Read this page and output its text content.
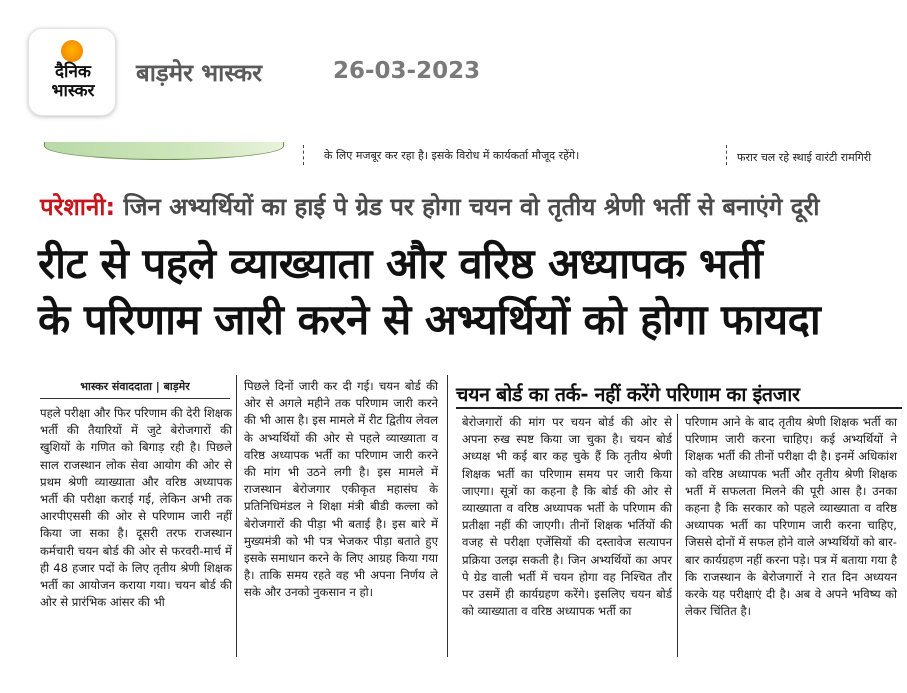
दैनिक
भास्कर
बाड़मेर भास्कर	26-03-2023
के लिए मजबूर कर रहा है। इसके विरोध में कार्यकर्ता मौजूद रहेंगे।	फरार चल रहे स्थाई वारंटी रामगिरी
परेशानी: जिन अभ्यर्थियों का हाई पे ग्रेड पर होगा चयन वो तृतीय श्रेणी भर्ती से बनाएंगे दूरी
रीट से पहले व्याख्याता और वरिष्ठ अध्यापक भर्ती
के परिणाम जारी करने से अभ्यर्थियों को होगा फायदा
भास्कर संवाददाता | बाड़मेर
पहले परीक्षा और फिर परिणाम की देरी शिक्षक भर्ती की तैयारियों में जुटे बेरोजगारों की खुशियों के गणित को बिगाड़ रही है। पिछले साल राजस्थान लोक सेवा आयोग की ओर से प्रथम श्रेणी व्याख्याता और वरिष्ठ अध्यापक भर्ती की परीक्षा कराई गई, लेकिन अभी तक आरपीएससी की ओर से परिणाम जारी नहीं किया जा सका है। दूसरी तरफ राजस्थान कर्मचारी चयन बोर्ड की ओर से फरवरी-मार्च में ही 48 हजार पदों के लिए तृतीय श्रेणी शिक्षक भर्ती का आयोजन कराया गया। चयन बोर्ड की ओर से प्रारंभिक आंसर की भी
पिछले दिनों जारी कर दी गई। चयन बोर्ड की ओर से अगले महीने तक परिणाम जारी करने की भी आस है। इस मामले में रीट द्वितीय लेवल के अभ्यर्थियों की ओर से पहले व्याख्याता व वरिष्ठ अध्यापक भर्ती का परिणाम जारी करने की मांग भी उठने लगी है। इस मामले में राजस्थान बेरोजगार एकीकृत महासंघ के प्रतिनिधिमंडल ने शिक्षा मंत्री बीडी कल्ला को बेरोजगारों की पीड़ा भी बताई है। इस बारे में मुख्यमंत्री को भी पत्र भेजकर पीड़ा बताते हुए इसके समाधान करने के लिए आग्रह किया गया है। ताकि समय रहते वह भी अपना निर्णय ले सके और उनको नुकसान न हो।
चयन बोर्ड का तर्क- नहीं करेंगे परिणाम का इंतजार
बेरोजगारों की मांग पर चयन बोर्ड की ओर से अपना रुख स्पष्ट किया जा चुका है। चयन बोर्ड अध्यक्ष भी कई बार कह चुके हैं कि तृतीय श्रेणी शिक्षक भर्ती का परिणाम समय पर जारी किया जाएगा। सूत्रों का कहना है कि बोर्ड की ओर से व्याख्याता व वरिष्ठ अध्यापक भर्ती के परिणाम की प्रतीक्षा नहीं की जाएगी। तीनों शिक्षक भर्तियों की वजह से परीक्षा एजेंसियों की दस्तावेज सत्यापन प्रक्रिया उलझ सकती है। जिन अभ्यर्थियों का अपर पे ग्रेड वाली भर्ती में चयन होगा वह निश्चित तौर पर उसमें ही कार्यग्रहण करेंगे। इसलिए चयन बोर्ड को व्याख्याता व वरिष्ठ अध्यापक भर्ती का
परिणाम आने के बाद तृतीय श्रेणी शिक्षक भर्ती का परिणाम जारी करना चाहिए। कई अभ्यर्थियों ने शिक्षक भर्ती की तीनों परीक्षा दी है। इनमें अधिकांश को वरिष्ठ अध्यापक भर्ती और तृतीय श्रेणी शिक्षक भर्ती में सफलता मिलने की पूरी आस है। उनका कहना है कि सरकार को पहले व्याख्याता व वरिष्ठ अध्यापक भर्ती का परिणाम जारी करना चाहिए, जिससे दोनों में सफल होने वाले अभ्यर्थियों को बार-बार कार्यग्रहण नहीं करना पड़े। पत्र में बताया गया है कि राजस्थान के बेरोजगारों ने रात दिन अध्ययन करके यह परीक्षाएं दी है। अब वे अपने भविष्य को लेकर चिंतित है।
